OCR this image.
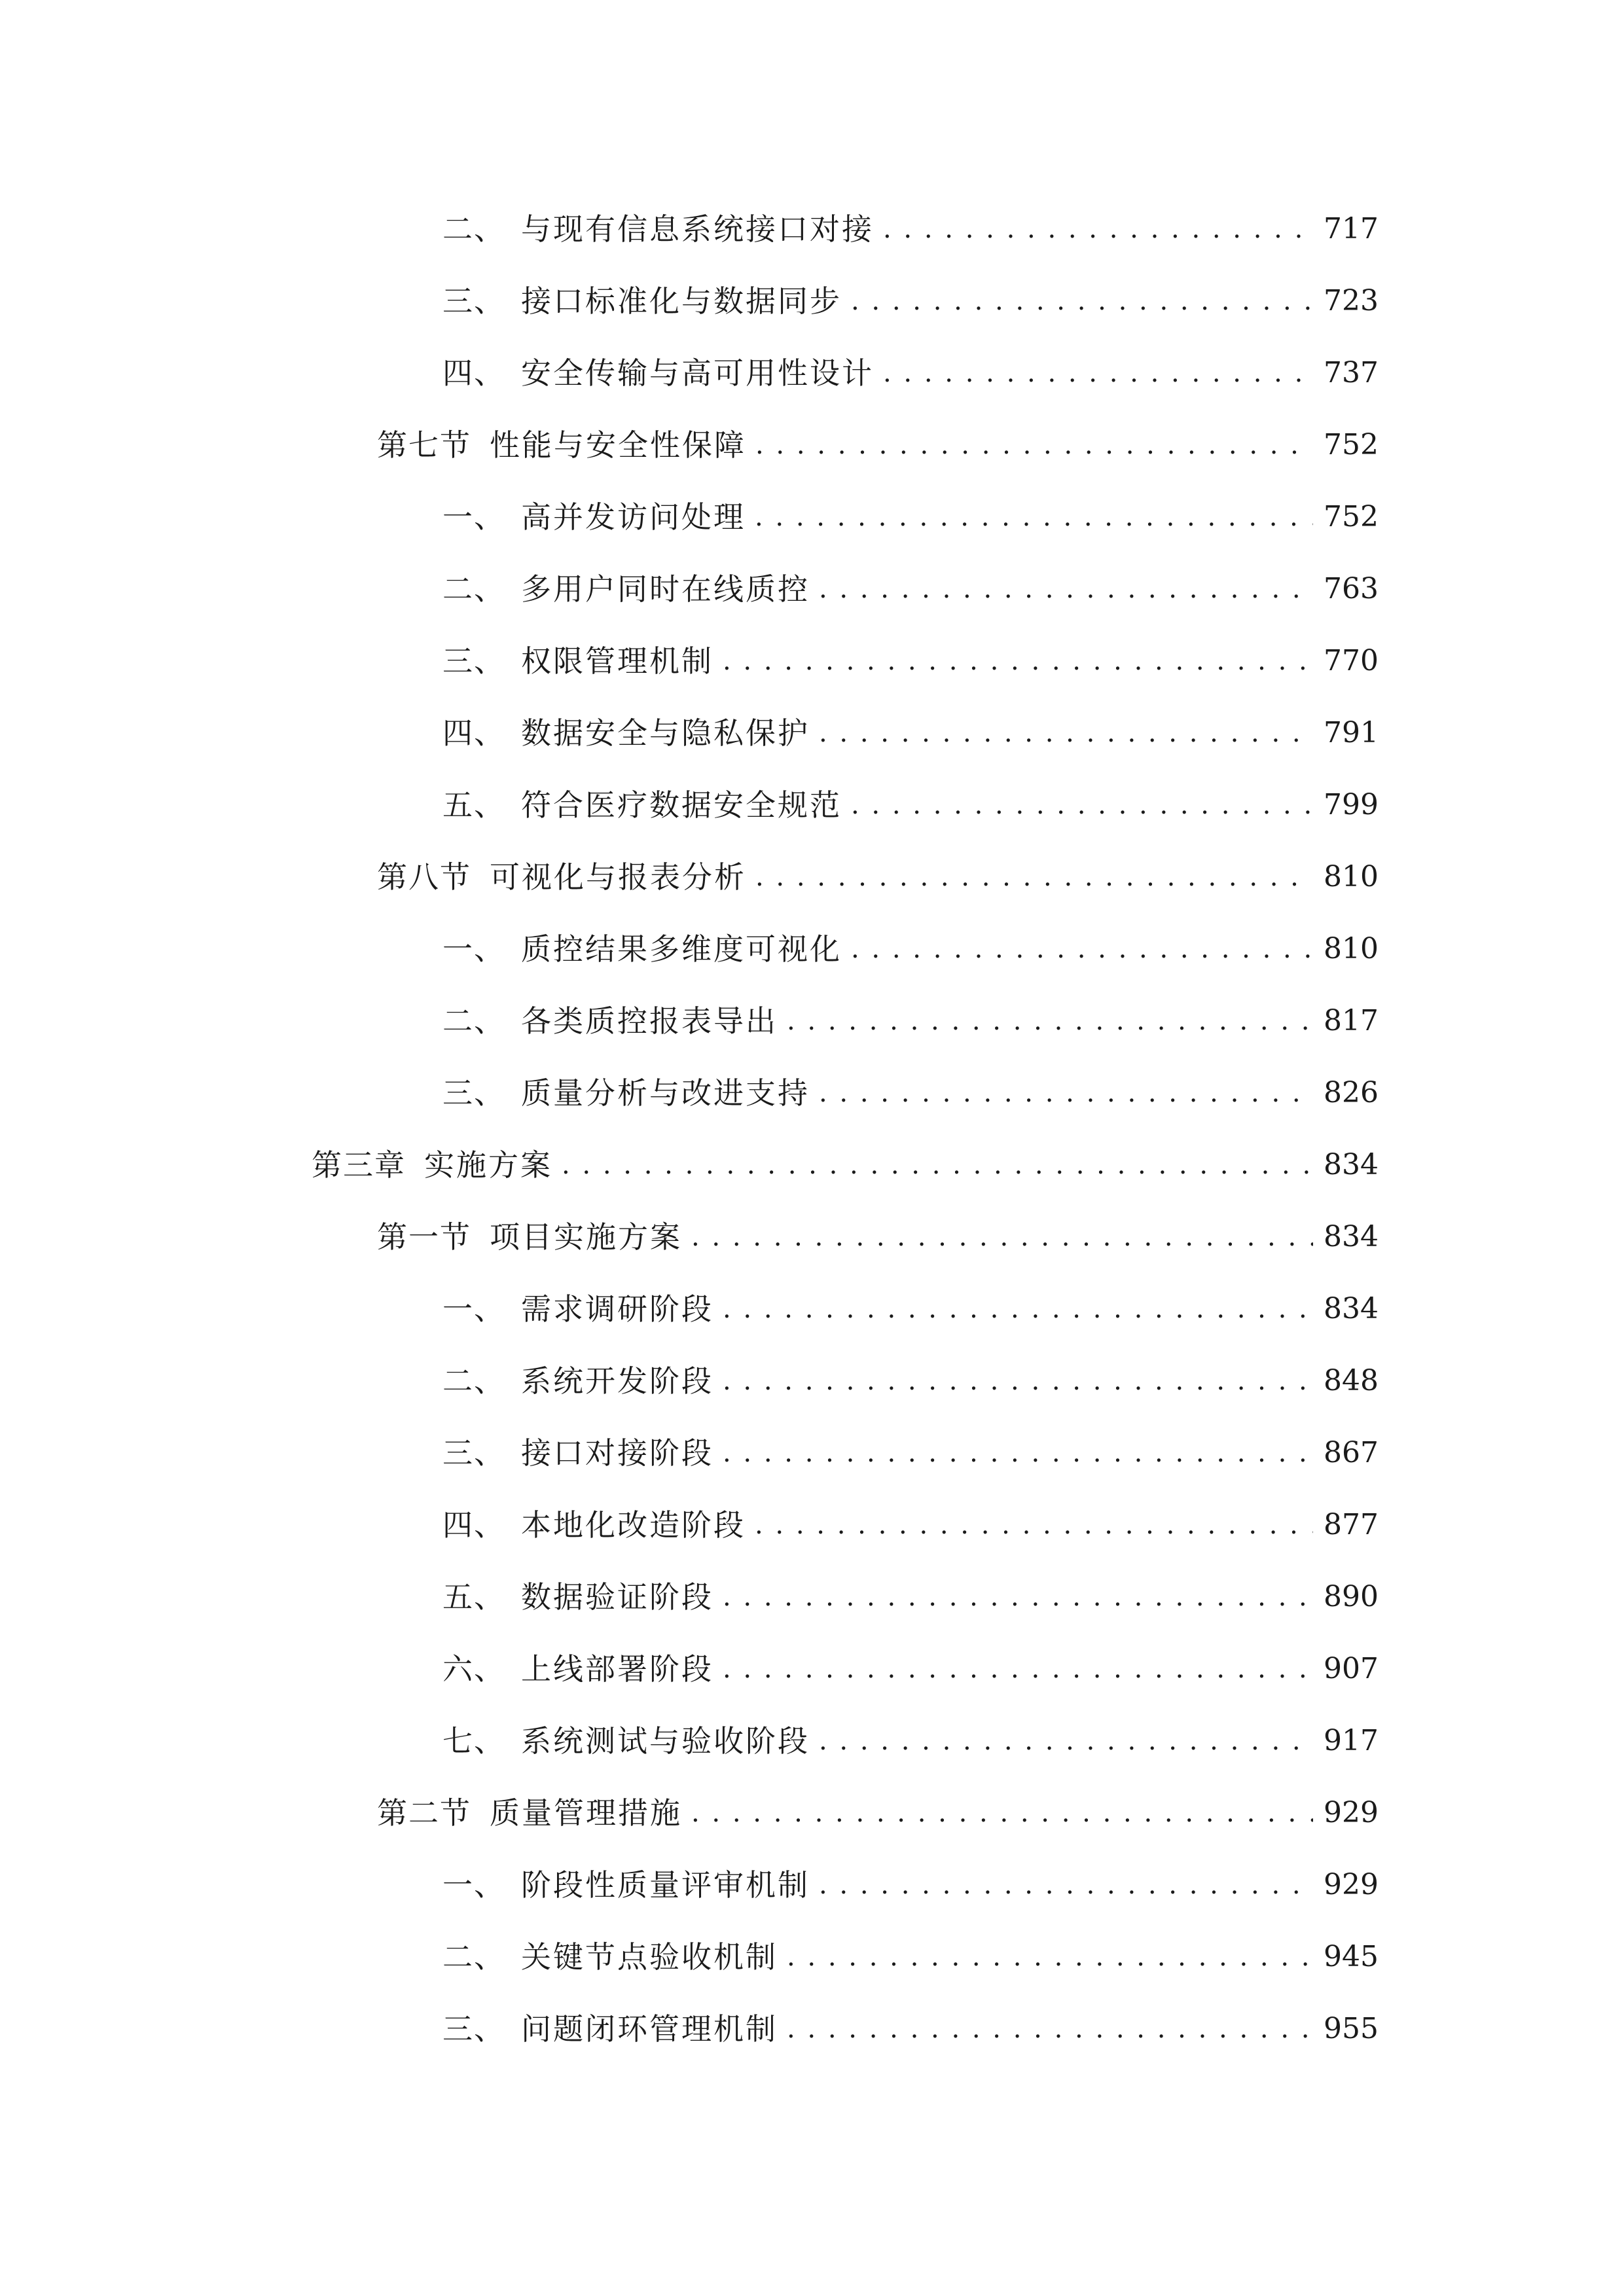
二、 与现有信息系统接口对接 . . .	717
三、 接口标准化与数据同步 . . .	723
四、 安全传输与高可用性设计 . . .	737
第七节 性能与安全性保障 . . .	752
一、 高并发访问处理 . . .	752
二、 多用户同时在线质控 . . .	763
三、 权限管理机制 . . .	770
四、 数据安全与隐私保护 . . .	791
五、 符合医疗数据安全规范 . . .	799
第八节 可视化与报表分析 . . .	810
一、 质控结果多维度可视化 . . .	810
二、 各类质控报表导出 . . .	817
三、 质量分析与改进支持 . . .	826
第三章 实施方案 . . .	834
第一节 项目实施方案 . . .	834
一、 需求调研阶段 . . .	834
二、 系统开发阶段 . . .	848
三、 接口对接阶段 . . .	867
四、 本地化改造阶段 . . .	877
五、 数据验证阶段 . . .	890
六、 上线部署阶段 . . .	907
七、 系统测试与验收阶段 . . .	917
第二节 质量管理措施 . . .	929
一、 阶段性质量评审机制 . . .	929
二、 关键节点验收机制 . . .	945
三、 问题闭环管理机制 . . .	955
